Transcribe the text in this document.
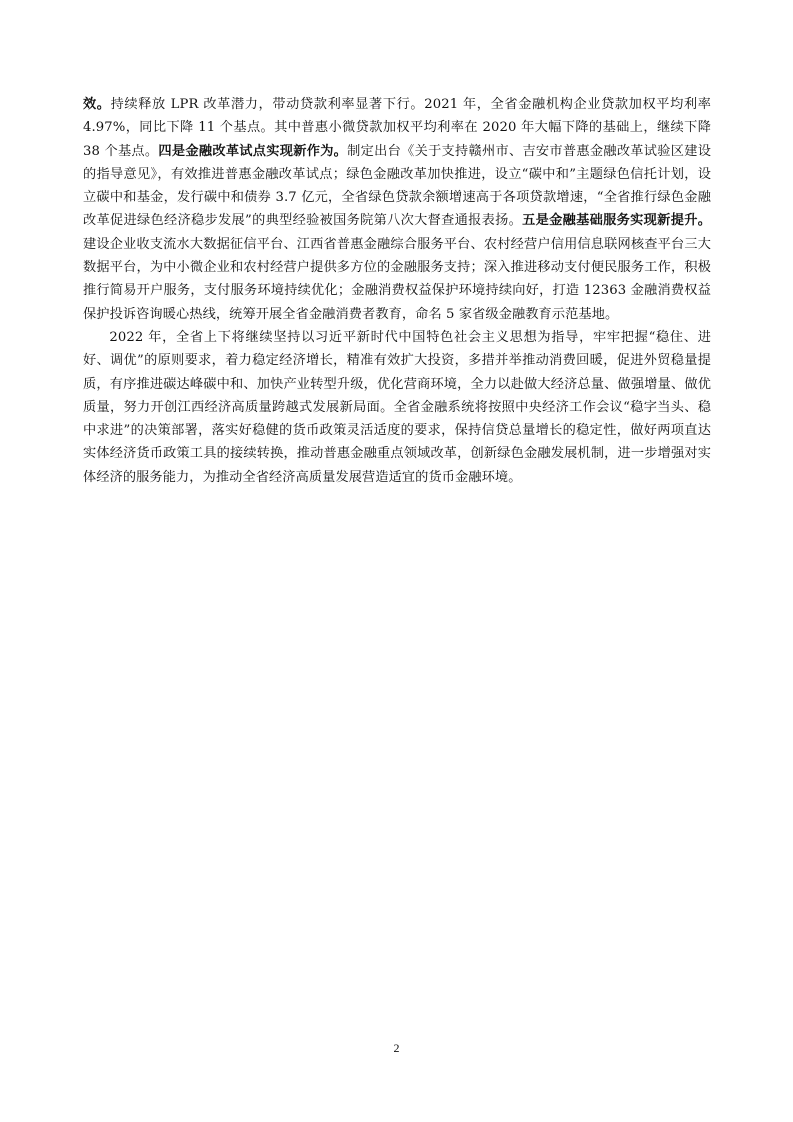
效。持续释放 LPR 改革潜力，带动贷款利率显著下行。2021 年，全省金融机构企业贷款加权平均利率 4.97%，同比下降 11 个基点。其中普惠小微贷款加权平均利率在 2020 年大幅下降的基础上，继续下降 38 个基点。四是金融改革试点实现新作为。制定出台《关于支持赣州市、吉安市普惠金融改革试验区建设的指导意见》，有效推进普惠金融改革试点；绿色金融改革加快推进，设立“碳中和”主题绿色信托计划，设立碳中和基金，发行碳中和债券 3.7 亿元，全省绿色贷款余额增速高于各项贷款增速，“全省推行绿色金融改革促进绿色经济稳步发展”的典型经验被国务院第八次大督查通报表扬。五是金融基础服务实现新提升。建设企业收支流水大数据征信平台、江西省普惠金融综合服务平台、农村经营户信用信息联网核查平台三大数据平台，为中小微企业和农村经营户提供多方位的金融服务支持；深入推进移动支付便民服务工作，积极推行简易开户服务，支付服务环境持续优化；金融消费权益保护环境持续向好，打造 12363 金融消费权益保护投诉咨询暖心热线，统筹开展全省金融消费者教育，命名 5 家省级金融教育示范基地。

2022 年，全省上下将继续坚持以习近平新时代中国特色社会主义思想为指导，牢牢把握“稳住、进好、调优”的原则要求，着力稳定经济增长，精准有效扩大投资，多措并举推动消费回暖，促进外贸稳量提质，有序推进碳达峰碳中和、加快产业转型升级，优化营商环境，全力以赴做大经济总量、做强增量、做优质量，努力开创江西经济高质量跨越式发展新局面。全省金融系统将按照中央经济工作会议“稳字当头、稳中求进”的决策部署，落实好稳健的货币政策灵活适度的要求，保持信贷总量增长的稳定性，做好两项直达实体经济货币政策工具的接续转换，推动普惠金融重点领域改革，创新绿色金融发展机制，进一步增强对实体经济的服务能力，为推动全省经济高质量发展营造适宜的货币金融环境。

2
